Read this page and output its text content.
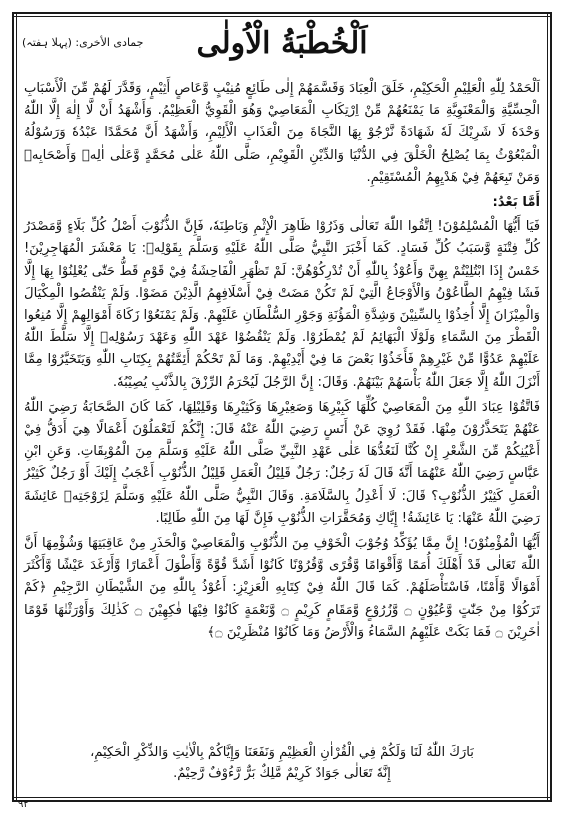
اَلْخُطْبَةُ الْاُولٰى
جمادى الأخرى: (پہلا ہفتہ)

اَلْحَمْدُ لِلّٰهِ الْعَلِيْمِ الْحَكِيْمِ، خَلَقَ الْعِبَادَ وَقَسَّمَهُمْ إِلٰى طَائِعٍ مُنِيْبٍ وَّعَاصٍ أَثِيْمٍ، وَقَدَّرَ لَهُمْ مِّنَ الْأَسْبَابِ الْحِسِّيَّةِ وَالْمَعْنَوِيَّةِ مَا يَمْنَعُهُمْ مِّنْ اِرْتِكَابِ الْمَعَاصِيْ وَهُوَ الْقَوِيُّ الْعَظِيْمُ. وَأَشْهَدُ أَنْ لَّا إِلٰهَ إِلَّا اللّٰهُ وَحْدَهٗ لَا شَرِيْكَ لَهٗ شَهَادَةً نَّرْجُوْ بِهَا النَّجَاةَ مِنَ الْعَذَابِ الْأَلِيْمِ، وَأَشْهَدُ أَنَّ مُحَمَّدًا عَبْدُهٗ وَرَسُوْلُهُ الْمَبْعُوْثُ بِمَا يُصْلِحُ الْخَلْقَ فِي الدُّنْيَا وَالدِّيْنِ الْقَوِيْمِ، صَلَّى اللّٰهُ عَلٰى مُحَمَّدٍ وَّعَلٰى اٰلِهٖ وَأَصْحَابِهٖ وَمَنْ تَبِعَهُمْ فِيْ هَدْيِهِمُ الْمُسْتَقِيْمِ.

أَمَّا بَعْدُ:

فَيَا أَيُّهَا الْمُسْلِمُوْنَ! اِتَّقُوا اللّٰهَ تَعَالٰى وَذَرُوْا ظَاهِرَ الْإِثْمِ وَبَاطِنَهٗ، فَإِنَّ الذُّنُوْبَ أَصْلُ كُلِّ بَلَاءٍ وَّمَصْدَرُ كُلِّ فِتْنَةٍ وَّسَبَبُ كُلِّ فَسَادٍ. كَمَا أَخْبَرَ النَّبِيُّ صَلَّى اللّٰهُ عَلَيْهِ وَسَلَّمَ بِقَوْلِهٖ: يَا مَعْشَرَ الْمُهَاجِرِيْنَ! خَمْسٌ إِذَا ابْتُلِيْتُمْ بِهِنَّ وَأَعُوْذُ بِاللّٰهِ أَنْ تُدْرِكُوْهُنَّ: لَمْ تَظْهَرِ الْفَاحِشَةُ فِيْ قَوْمٍ قَطُّ حَتّٰى يُعْلِنُوْا بِهَا إِلَّا فَشَا فِيْهِمُ الطَّاعُوْنُ وَالْأَوْجَاعُ الَّتِيْ لَمْ تَكُنْ مَضَتْ فِيْ أَسْلَافِهِمُ الَّذِيْنَ مَضَوْا. وَلَمْ يَنْقُصُوا الْمِكْيَالَ وَالْمِيْزَانَ إِلَّا أُخِذُوْا بِالسِّنِيْنَ وَشِدَّةِ الْمَؤُنَةِ وَجَوْرِ السُّلْطَانِ عَلَيْهِمْ. وَلَمْ يَمْنَعُوْا زَكَاةَ أَمْوَالِهِمْ إِلَّا مُنِعُوا الْقَطْرَ مِنَ السَّمَاءِ وَلَوْلَا الْبَهَائِمُ لَمْ يُمْطَرُوْا. وَلَمْ يَنْقُضُوْا عَهْدَ اللّٰهِ وَعَهْدَ رَسُوْلِهٖ إِلَّا سَلَّطَ اللّٰهُ عَلَيْهِمْ عَدُوًّا مِّنْ غَيْرِهِمْ فَأَخَذُوْا بَعْضَ مَا فِيْ أَيْدِيْهِمْ. وَمَا لَمْ تَحْكُمْ أَئِمَّتُهُمْ بِكِتَابِ اللّٰهِ وَيَتَخَيَّرُوْا مِمَّا أَنْزَلَ اللّٰهُ إِلَّا جَعَلَ اللّٰهُ بَأْسَهُمْ بَيْنَهُمْ. وَقَالَ: إِنَّ الرَّجُلَ لَيُحْرَمُ الرِّزْقَ بِالذَّنْبِ يُصِيْبُهٗ.

فَاتَّقُوْا عِبَادَ اللّٰهِ مِنَ الْمَعَاصِيْ كُلِّهَا كَبِيْرِهَا وَصَغِيْرِهَا وَكَثِيْرِهَا وَقَلِيْلِهَا، كَمَا كَانَ الصَّحَابَةُ رَضِيَ اللّٰهُ عَنْهُمْ يَتَحَذَّرُوْنَ مِنْهَا. فَقَدْ رُوِيَ عَنْ أَنَسٍ رَضِيَ اللّٰهُ عَنْهُ قَالَ: إِنَّكُمْ لَتَعْمَلُوْنَ أَعْمَالًا هِيَ أَدَقُّ فِيْ أَعْيُنِكُمْ مِّنَ الشَّعْرِ إِنْ كُنَّا لَنَعُدُّهَا عَلٰى عَهْدِ النَّبِيِّ صَلَّى اللّٰهُ عَلَيْهِ وَسَلَّمَ مِنَ الْمُوْبِقَاتِ. وَعَنِ ابْنِ عَبَّاسٍ رَضِيَ اللّٰهُ عَنْهُمَا أَنَّهٗ قَالَ لَهٗ رَجُلٌ: رَجُلٌ قَلِيْلُ الْعَمَلِ قَلِيْلُ الذُّنُوْبِ أَعْجَبُ إِلَيْكَ أَوْ رَجُلٌ كَثِيْرُ الْعَمَلِ كَثِيْرُ الذُّنُوْبِ؟ قَالَ: لَا أَعْدِلُ بِالسَّلَامَةِ. وَقَالَ النَّبِيُّ صَلَّى اللّٰهُ عَلَيْهِ وَسَلَّمَ لِزَوْجَتِهٖ عَائِشَةَ رَضِيَ اللّٰهُ عَنْهَا: يَا عَائِشَةُ! إِيَّاكِ وَمُحَقَّرَاتِ الذُّنُوْبِ فَإِنَّ لَهَا مِنَ اللّٰهِ طَالِبًا.

أَيُّهَا الْمُؤْمِنُوْنَ! إِنَّ مِمَّا يُؤَكِّدُ وُجُوْبَ الْخَوْفِ مِنَ الذُّنُوْبِ وَالْمَعَاصِيْ وَالْحَذَرِ مِنْ عَاقِبَتِهَا وَشُؤْمِهَا أَنَّ اللّٰهَ تَعَالٰى قَدْ أَهْلَكَ أُمَمًا وَّأَقْوَامًا وَّقُرًى وَّقُرُوْنًا كَانُوْا أَشَدَّ قُوَّةً وَّأَطْوَلَ أَعْمَارًا وَّأَرْغَدَ عَيْشًا وَّأَكْثَرَ أَمْوَالًا وَّأَمْنًا، فَاسْتَأْصَلَهُمْ. كَمَا قَالَ اللّٰهُ فِيْ كِتَابِهِ الْعَزِيْزِ: أَعُوْذُ بِاللّٰهِ مِنَ الشَّيْطَانِ الرَّجِيْمِ ﴿كَمْ تَرَكُوْا مِنْ جَنّٰتٍ وَّعُيُوْنٍ ۝ وَّزُرُوْعٍ وَّمَقَامٍ كَرِيْمٍ ۝ وَّنَعْمَةٍ كَانُوْا فِيْهَا فٰكِهِيْنَ ۝ كَذٰلِكَ وَأَوْرَثْنٰهَا قَوْمًا اٰخَرِيْنَ ۝ فَمَا بَكَتْ عَلَيْهِمُ السَّمَاءُ وَالْأَرْضُ وَمَا كَانُوْا مُنْظَرِيْنَ ۝﴾

بَارَكَ اللّٰهُ لَنَا وَلَكُمْ فِي الْقُرْاٰنِ الْعَظِيْمِ وَنَفَعَنَا وَإِيَّاكُمْ بِالْاٰيٰتِ وَالذِّكْرِ الْحَكِيْمِ،

إِنَّهٗ تَعَالٰى جَوَادٌ كَرِيْمٌ مَّلِكٌ بَرٌّ رَّءُوْفٌ رَّحِيْمٌ.

۹۲
